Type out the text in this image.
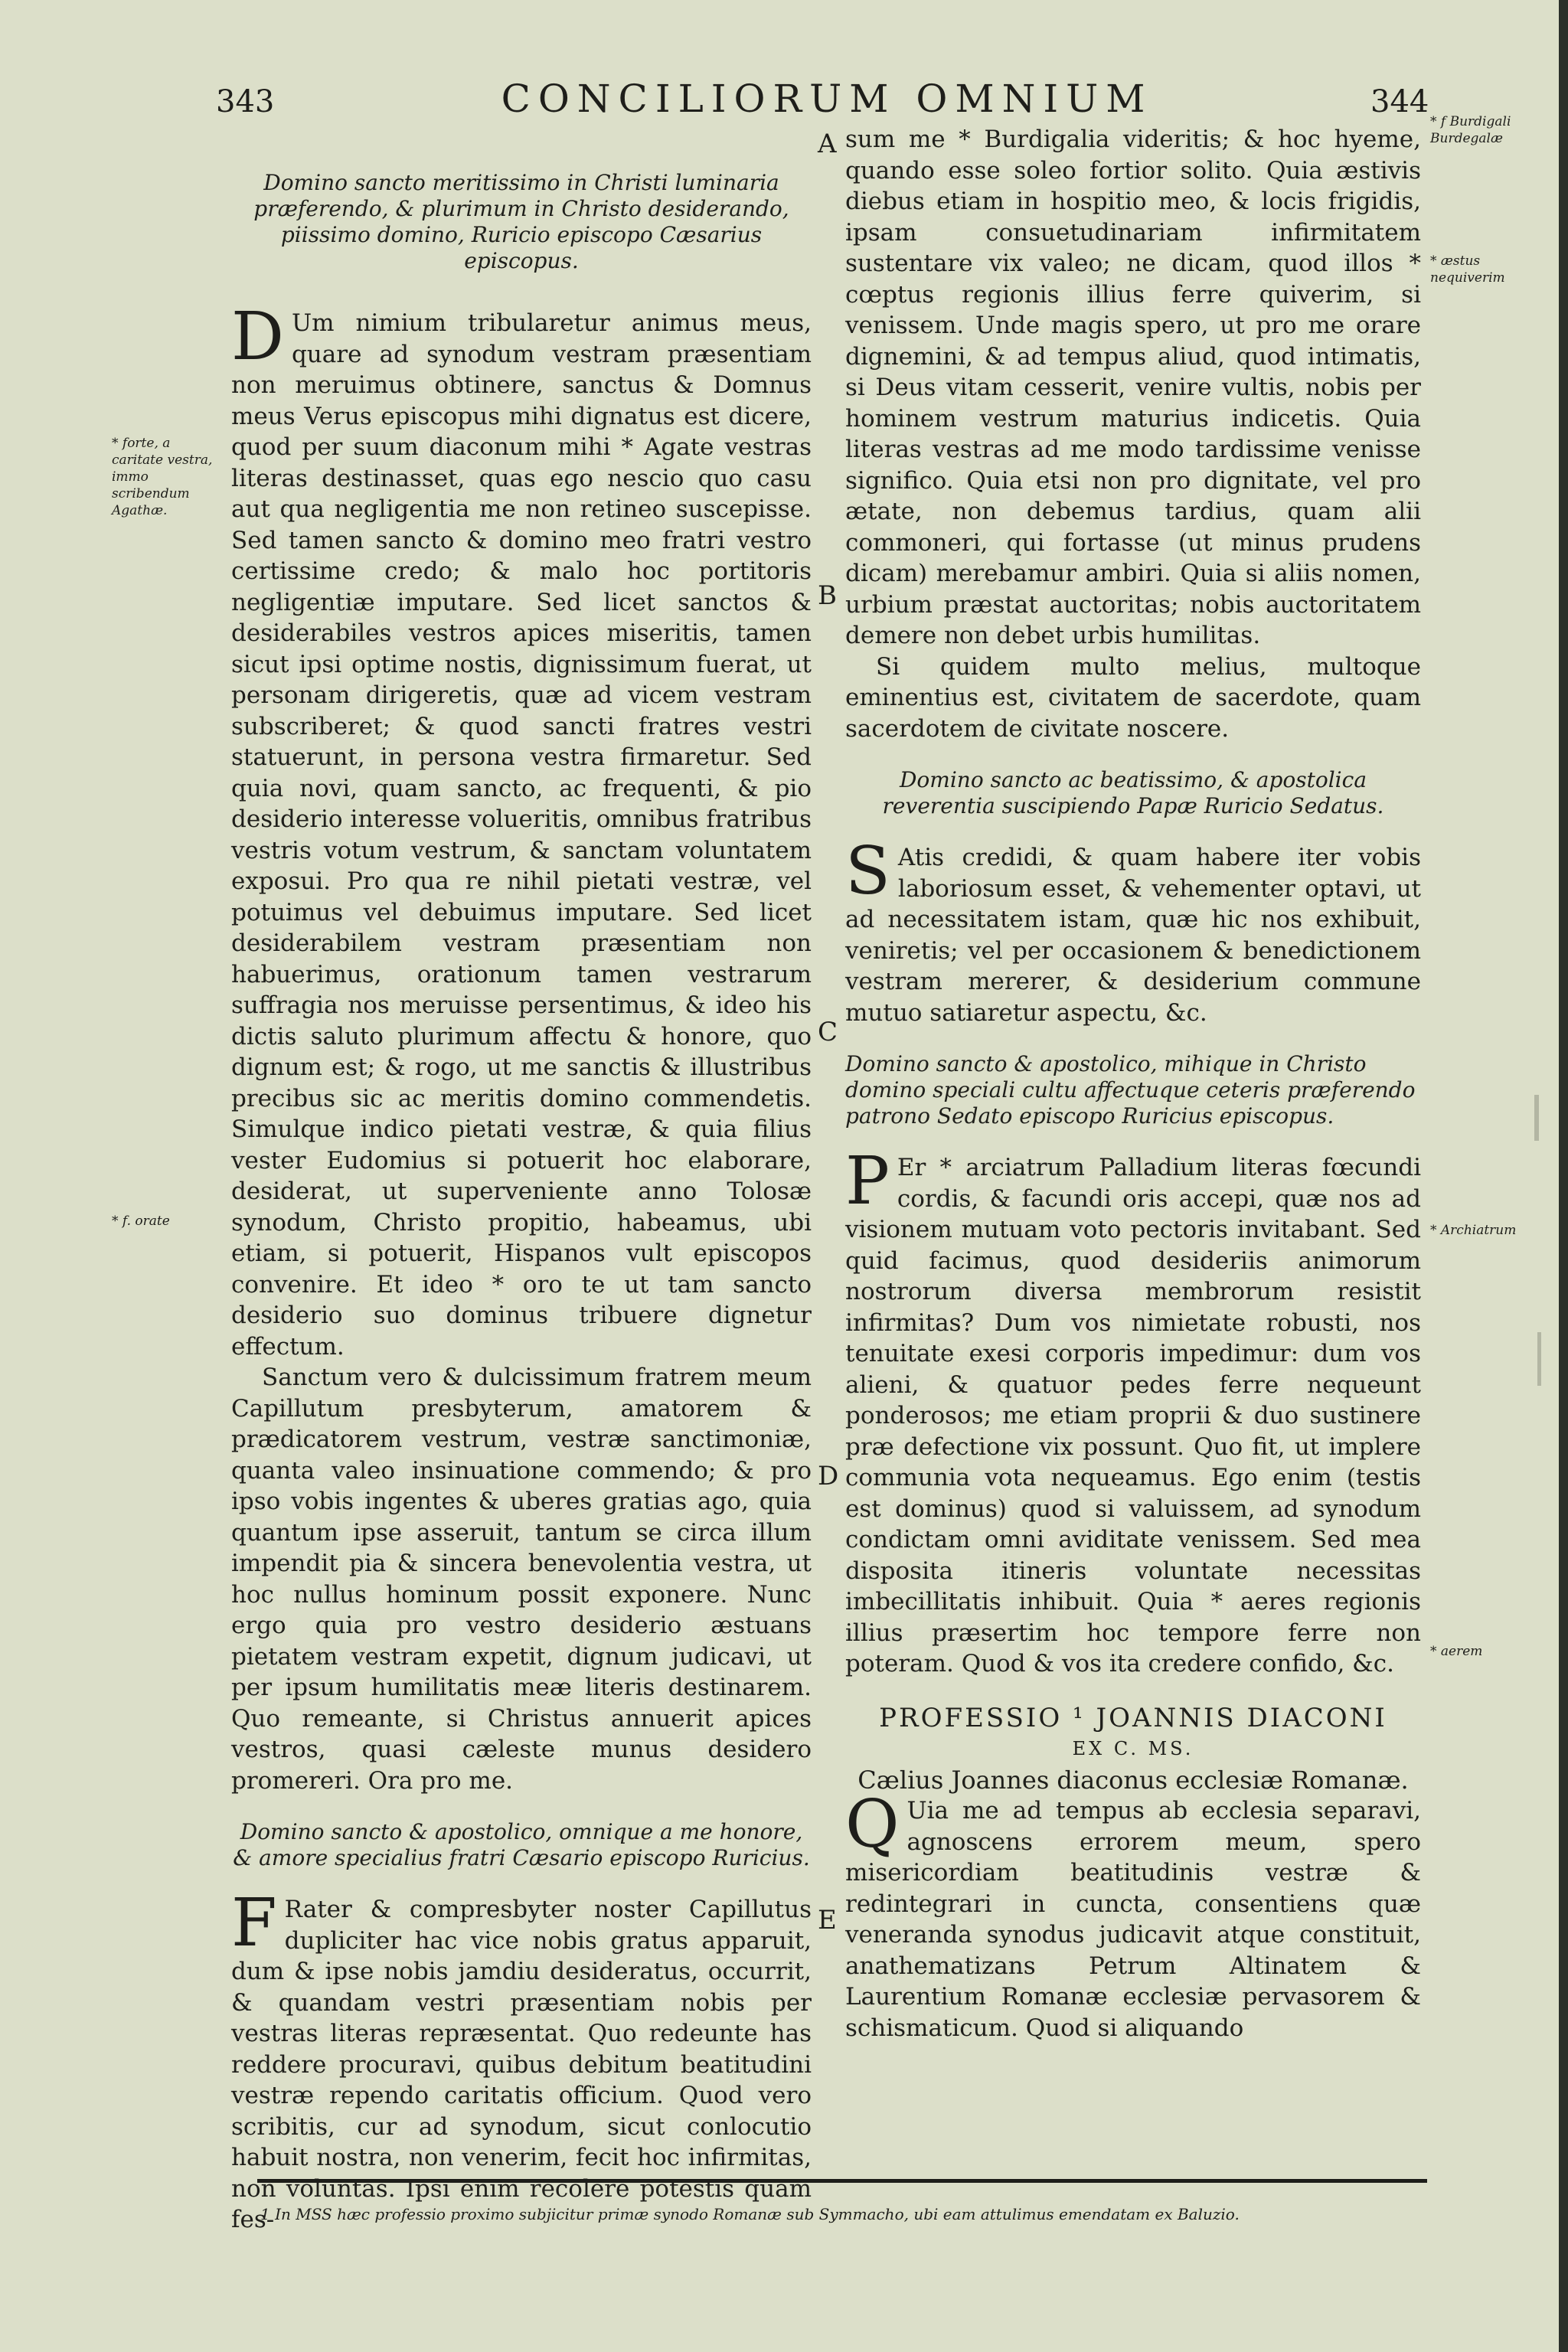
343	CONCILIORUM OMNIUM	344
* forte, a caritate vestra, immo scribendum Agathæ.
* f. orate
* f Burdigali Burdegalæ
* æstus nequiverim
* Archiatrum
* aerem
A
B
C
D
E

Domino sancto meritissimo in Christi luminaria præferendo, & plurimum in Christo desiderando, piissimo domino, Ruricio episcopo Cæsarius episcopus.

D Um nimium tribularetur animus meus, quare ad synodum vestram præsentiam non meruimus obtinere, sanctus & Domnus meus Verus episcopus mihi dignatus est dicere, quod per suum diaconum mihi * Agate vestras literas destinasset, quas ego nescio quo casu aut qua negligentia me non retineo suscepisse. Sed tamen sancto & domino meo fratri vestro certissime credo; & malo hoc portitoris negligentiæ imputare. Sed licet sanctos & desiderabiles vestros apices miseritis, tamen sicut ipsi optime nostis, dignissimum fuerat, ut personam dirigeretis, quæ ad vicem vestram subscriberet; & quod sancti fratres vestri statuerunt, in persona vestra firmaretur. Sed quia novi, quam sancto, ac frequenti, & pio desiderio interesse volueritis, omnibus fratribus vestris votum vestrum, & sanctam voluntatem exposui. Pro qua re nihil pietati vestræ, vel potuimus vel debuimus imputare. Sed licet desiderabilem vestram præsentiam non habuerimus, orationum tamen vestrarum suffragia nos meruisse persentimus, & ideo his dictis saluto plurimum affectu & honore, quo dignum est; & rogo, ut me sanctis & illustribus precibus sic ac meritis domino commendetis. Simulque indico pietati vestræ, & quia filius vester Eudomius si potuerit hoc elaborare, desiderat, ut superveniente anno Tolosæ synodum, Christo propitio, habeamus, ubi etiam, si potuerit, Hispanos vult episcopos convenire. Et ideo * oro te ut tam sancto desiderio suo dominus tribuere dignetur effectum.

Sanctum vero & dulcissimum fratrem meum Capillutum presbyterum, amatorem & prædicatorem vestrum, vestræ sanctimoniæ, quanta valeo insinuatione commendo; & pro ipso vobis ingentes & uberes gratias ago, quia quantum ipse asseruit, tantum se circa illum impendit pia & sincera benevolentia vestra, ut hoc nullus hominum possit exponere. Nunc ergo quia pro vestro desiderio æstuans pietatem vestram expetit, dignum judicavi, ut per ipsum humilitatis meæ literis destinarem. Quo remeante, si Christus annuerit apices vestros, quasi cæleste munus desidero promereri. Ora pro me.

Domino sancto & apostolico, omnique a me honore, & amore specialius fratri Cæsario episcopo Ruricius.

F Rater & compresbyter noster Capillutus dupliciter hac vice nobis gratus apparuit, dum & ipse nobis jamdiu desideratus, occurrit, & quandam vestri præsentiam nobis per vestras literas repræsentat. Quo redeunte has reddere procuravi, quibus debitum beatitudini vestræ rependo caritatis officium. Quod vero scribitis, cur ad synodum, sicut conlocutio habuit nostra, non venerim, fecit hoc infirmitas, non voluntas. Ipsi enim recolere potestis quam fes-

sum me * Burdigalia videritis; & hoc hyeme, quando esse soleo fortior solito. Quia æstivis diebus etiam in hospitio meo, & locis frigidis, ipsam consuetudinariam infirmitatem sustentare vix valeo; ne dicam, quod illos * cœptus regionis illius ferre quiverim, si venissem. Unde magis spero, ut pro me orare dignemini, & ad tempus aliud, quod intimatis, si Deus vitam cesserit, venire vultis, nobis per hominem vestrum maturius indicetis. Quia literas vestras ad me modo tardissime venisse significo. Quia etsi non pro dignitate, vel pro ætate, non debemus tardius, quam alii commoneri, qui fortasse (ut minus prudens dicam) merebamur ambiri. Quia si aliis nomen, urbium præstat auctoritas; nobis auctoritatem demere non debet urbis humilitas.

Si quidem multo melius, multoque eminentius est, civitatem de sacerdote, quam sacerdotem de civitate noscere.

Domino sancto ac beatissimo, & apostolica reverentia suscipiendo Papæ Ruricio Sedatus.

S Atis credidi, & quam habere iter vobis laboriosum esset, & vehementer optavi, ut ad necessitatem istam, quæ hic nos exhibuit, veniretis; vel per occasionem & benedictionem vestram mererer, & desiderium commune mutuo satiaretur aspectu, &c.

Domino sancto & apostolico, mihique in Christo domino speciali cultu affectuque ceteris præferendo patrono Sedato episcopo Ruricius episcopus.

P Er * arciatrum Palladium literas fœcundi cordis, & facundi oris accepi, quæ nos ad visionem mutuam voto pectoris invitabant. Sed quid facimus, quod desideriis animorum nostrorum diversa membrorum resistit infirmitas? Dum vos nimietate robusti, nos tenuitate exesi corporis impedimur: dum vos alieni, & quatuor pedes ferre nequeunt ponderosos; me etiam proprii & duo sustinere præ defectione vix possunt. Quo fit, ut implere communia vota nequeamus. Ego enim (testis est dominus) quod si valuissem, ad synodum condictam omni aviditate venissem. Sed mea disposita itineris voluntate necessitas imbecillitatis inhibuit. Quia * aeres regionis illius præsertim hoc tempore ferre non poteram. Quod & vos ita credere confido, &c.

PROFESSIO ¹ JOANNIS DIACONI

EX C. MS.

Cælius Joannes diaconus ecclesiæ Romanæ.

Q Uia me ad tempus ab ecclesia separavi, agnoscens errorem meum, spero misericordiam beatitudinis vestræ & redintegrari in cuncta, consentiens quæ veneranda synodus judicavit atque constituit, anathematizans Petrum Altinatem & Laurentium Romanæ ecclesiæ pervasorem & schismaticum. Quod si aliquando

1 In MSS hæc professio proximo subjicitur primæ synodo Romanæ sub Symmacho, ubi eam attulimus emendatam ex Baluzio.
